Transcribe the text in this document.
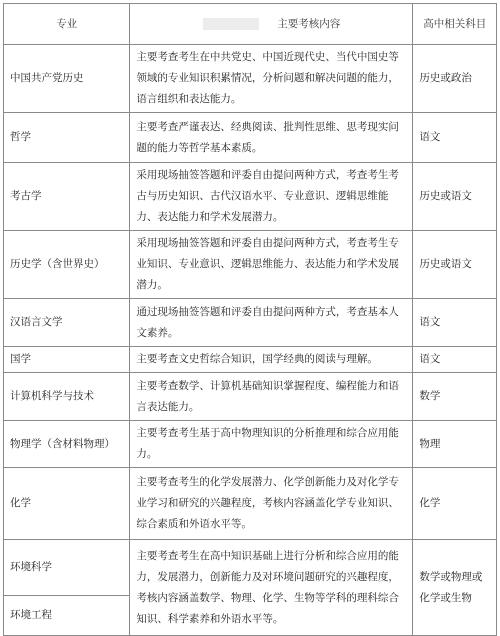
专业	主要考核内容	高中相关科目
中国共产党历史	主要考查考生在中共党史、中国近现代史、当代中国史等领域的专业知识积累情况，分析问题和解决问题的能力，语言组织和表达能力。	历史或政治
哲学	主要考查严谨表达、经典阅读、批判性思维、思考现实问题的能力等哲学基本素质。	语文
考古学	采用现场抽签答题和评委自由提问两种方式，考查考生考古与历史知识、古代汉语水平、专业意识、逻辑思维能力、表达能力和学术发展潜力。	历史或语文
历史学（含世界史）	采用现场抽签答题和评委自由提问两种方式，考查考生专业知识、专业意识、逻辑思维能力、表达能力和学术发展潜力。	历史或语文
汉语言文学	通过现场抽签答题和评委自由提问两种方式，考查基本人文素养。	语文
国学	主要考查文史哲综合知识，国学经典的阅读与理解。	语文
计算机科学与技术	主要考查数学、计算机基础知识掌握程度、编程能力和语言表达能力。	数学
物理学（含材料物理）	主要考查考生基于高中物理知识的分析推理和综合应用能力。	物理
化学	主要考查考生的化学发展潜力、化学创新能力及对化学专业学习和研究的兴趣程度，考核内容涵盖化学专业知识、综合素质和外语水平等。	化学
环境科学	主要考查考生在高中知识基础上进行分析和综合应用的能力，发展潜力，创新能力及对环境问题研究的兴趣程度，考核内容涵盖数学、物理、化学、生物等学科的理科综合知识、科学素养和外语水平等。	数学或物理或化学或生物
环境工程		
